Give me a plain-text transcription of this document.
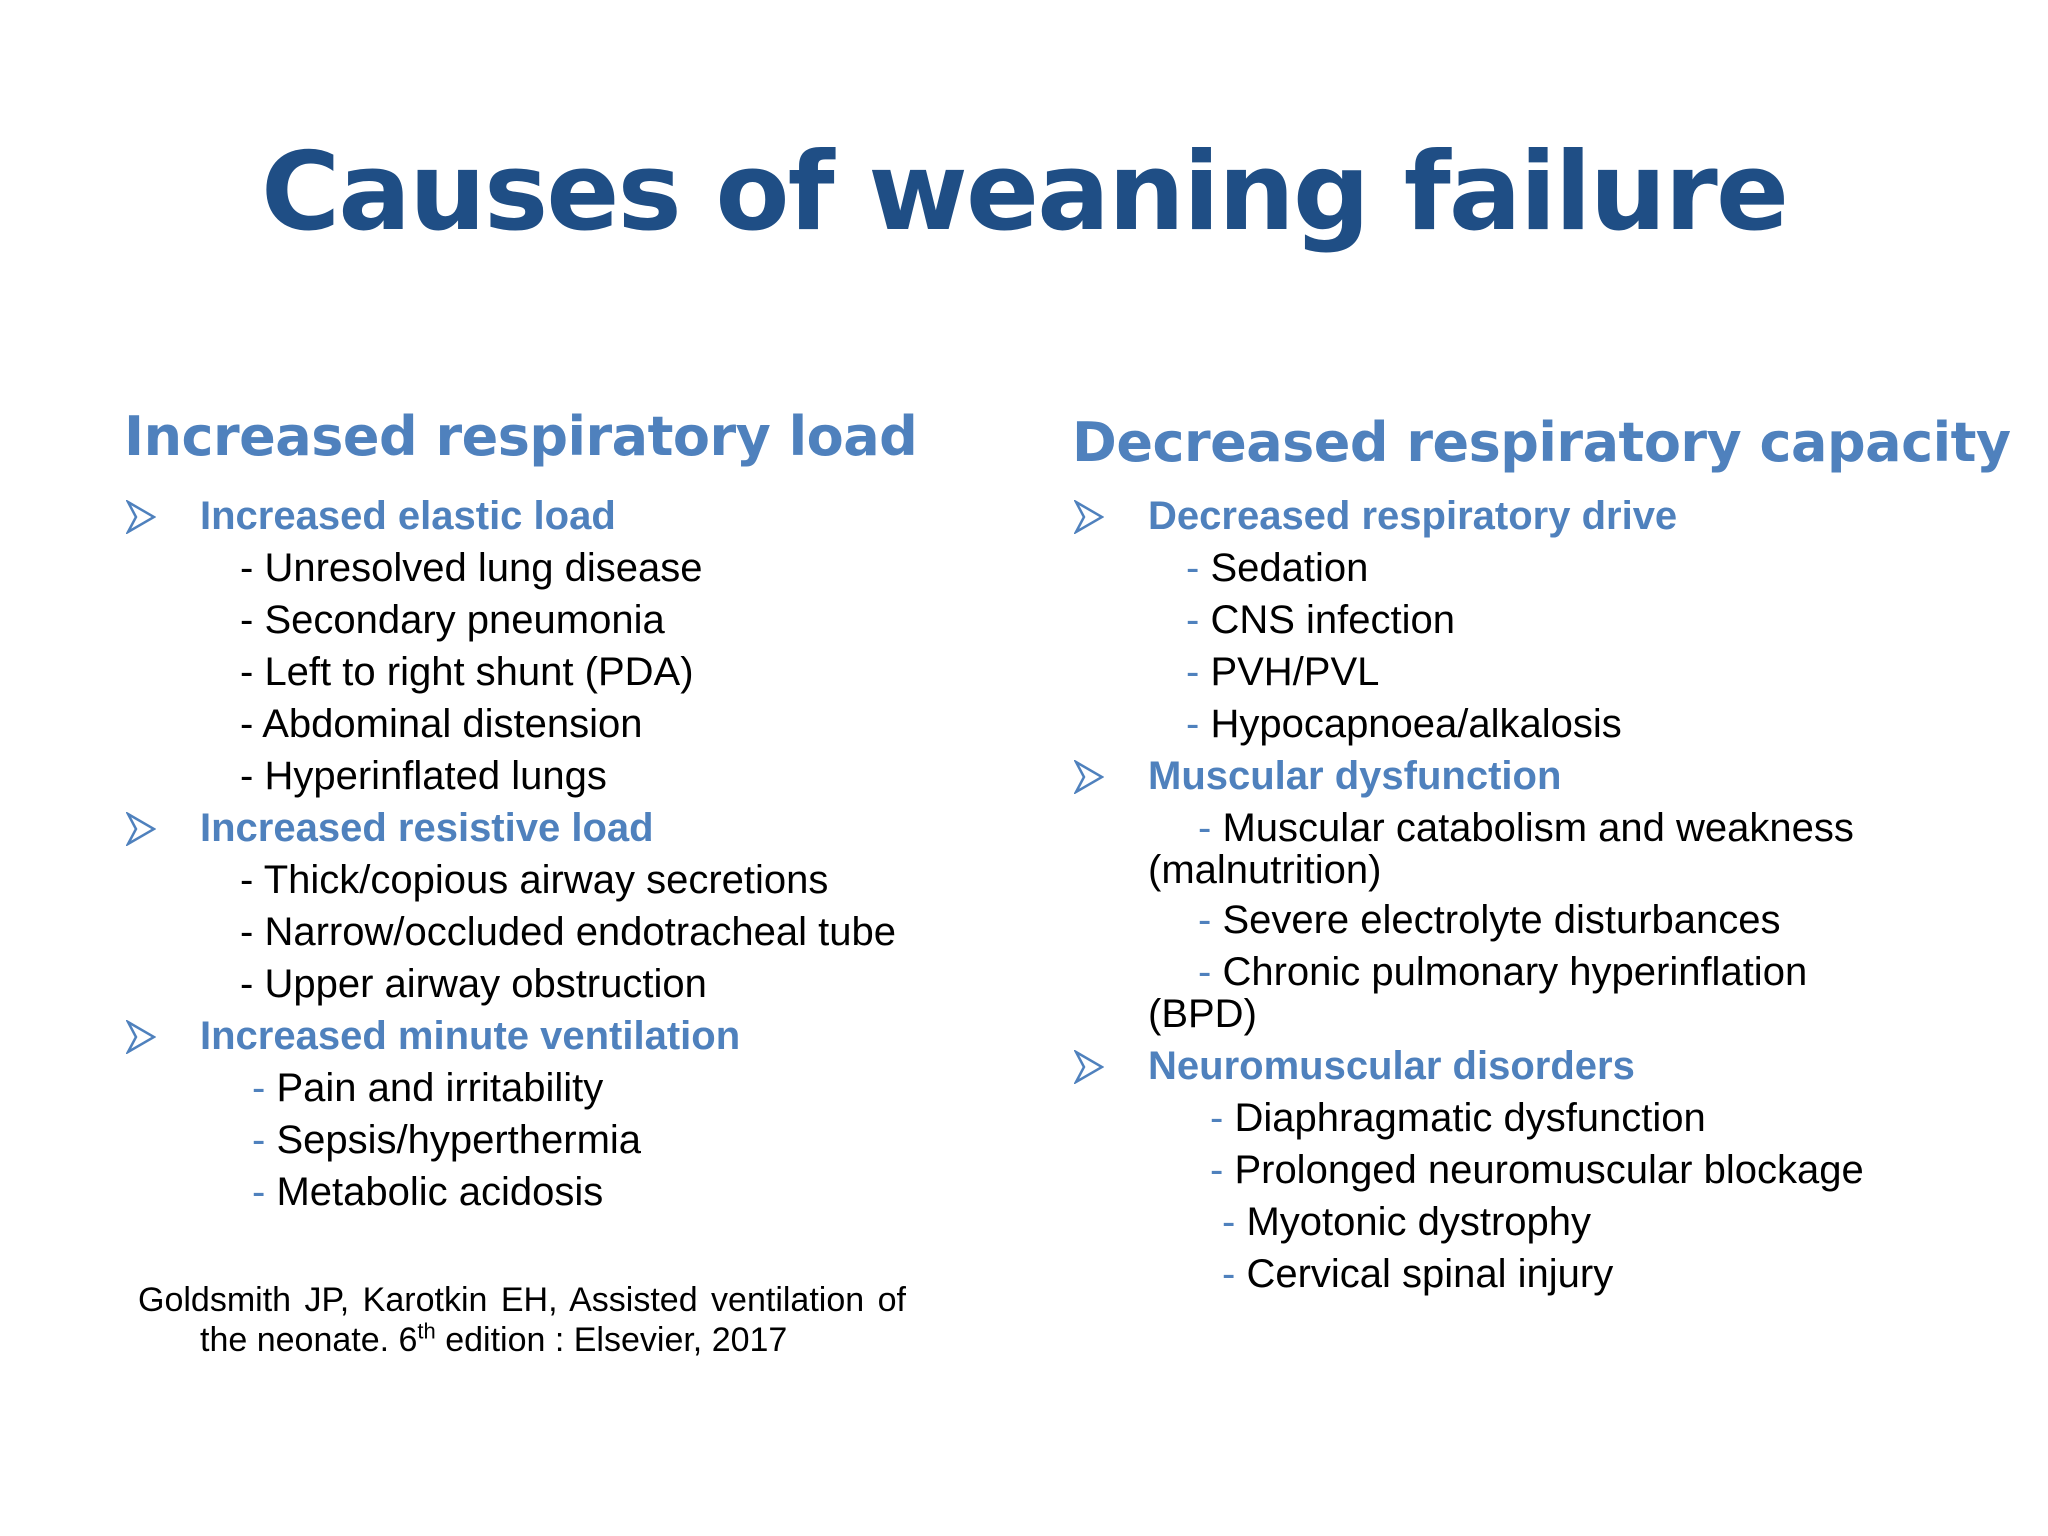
Causes of weaning failure
Increased respiratory load
Increased elastic load
- Unresolved lung disease
- Secondary pneumonia
- Left to right shunt (PDA)
- Abdominal distension
- Hyperinflated lungs
Increased resistive load
- Thick/copious airway secretions
- Narrow/occluded endotracheal tube
- Upper airway obstruction
Increased minute ventilation
- Pain and irritability
- Sepsis/hyperthermia
- Metabolic acidosis
Goldsmith JP, Karotkin EH, Assisted ventilation of
the neonate. 6th edition : Elsevier, 2017
Decreased respiratory capacity
Decreased respiratory drive
- Sedation
- CNS infection
- PVH/PVL
- Hypocapnoea/alkalosis
Muscular dysfunction
- Muscular catabolism and weakness
(malnutrition)
- Severe electrolyte disturbances
- Chronic pulmonary hyperinflation
(BPD)
Neuromuscular disorders
- Diaphragmatic dysfunction
- Prolonged neuromuscular blockage
- Myotonic dystrophy
- Cervical spinal injury
